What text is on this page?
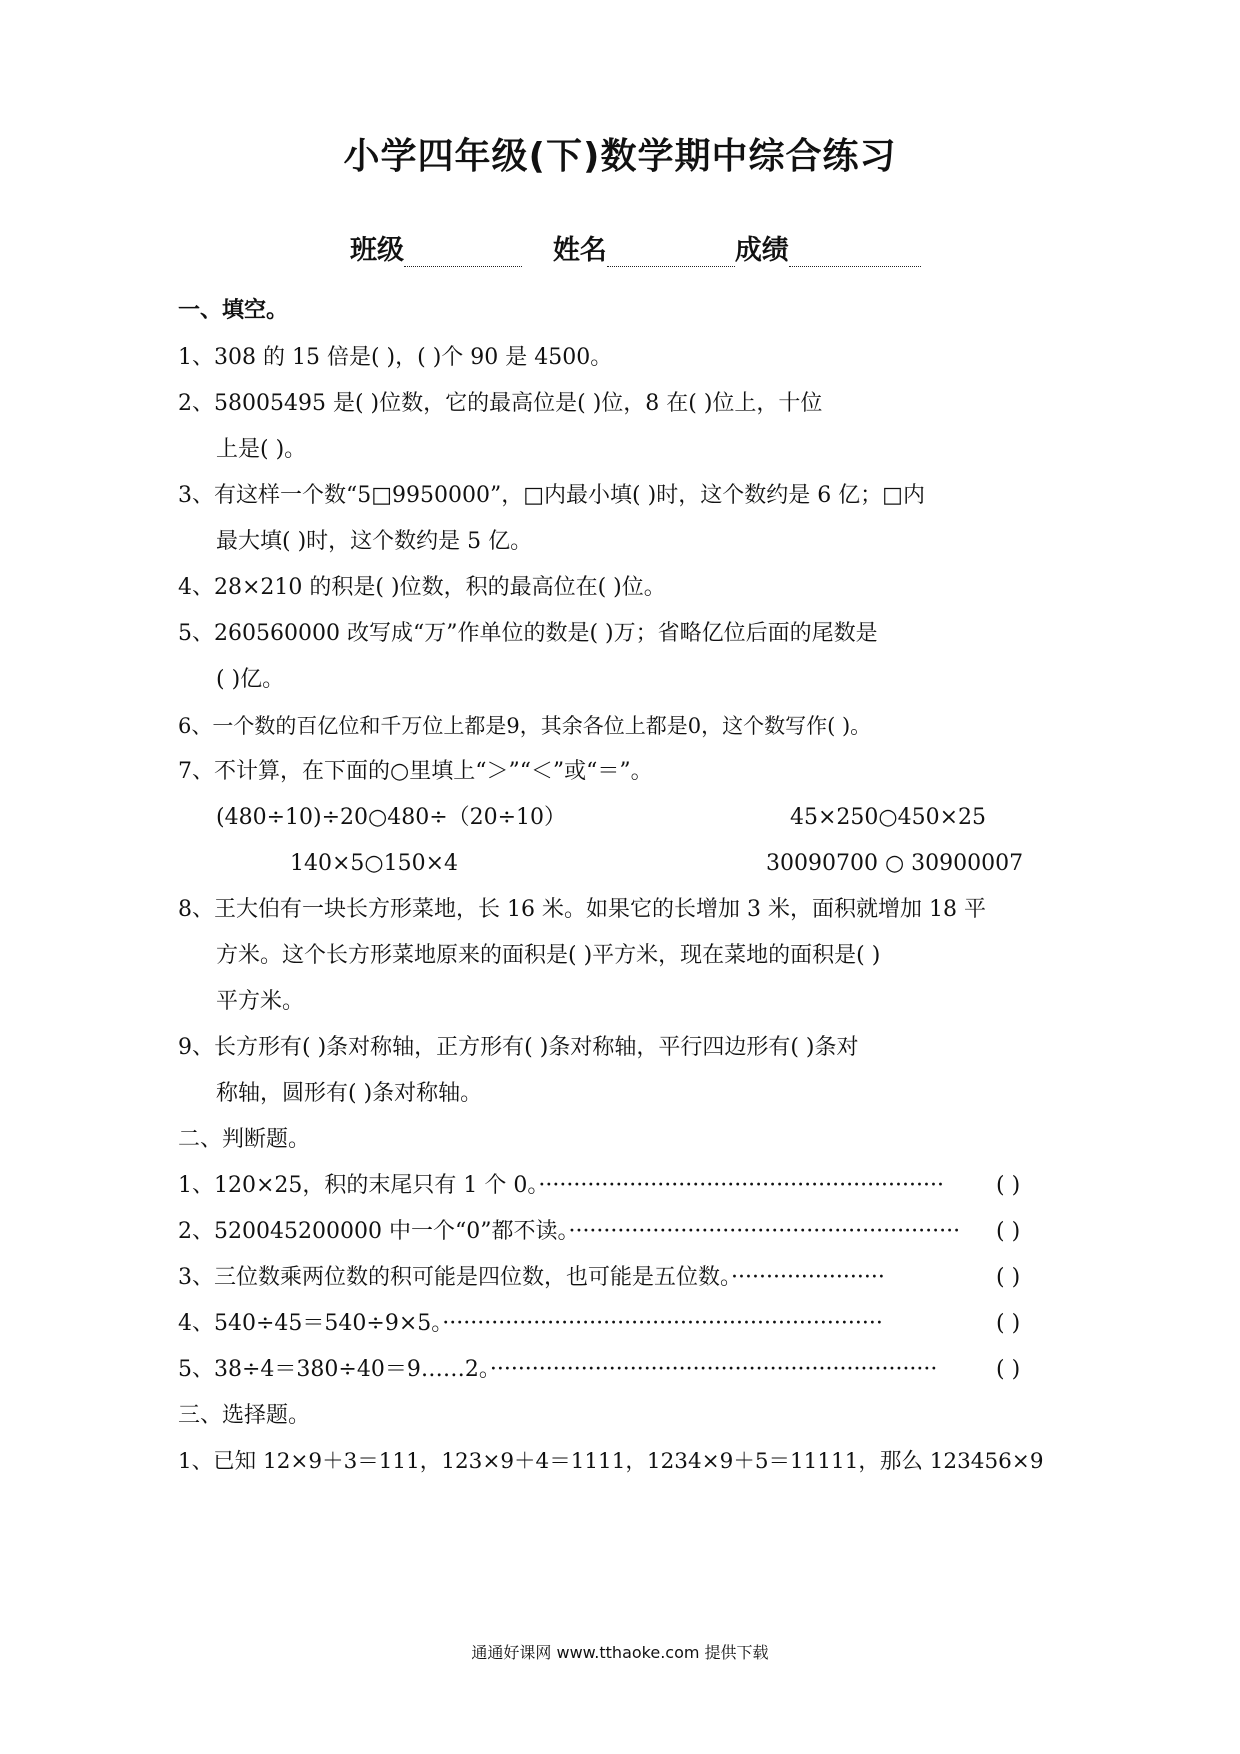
小学四年级(下)数学期中综合练习
班级	姓名	成绩
一、填空。
1、308 的 15 倍是( )，( )个 90 是 4500。
2、58005495 是( )位数，它的最高位是( )位，8 在( )位上，十位
上是( )。
3、有这样一个数“5□9950000”，□内最小填( )时，这个数约是 6 亿；□内
最大填( )时，这个数约是 5 亿。
4、28×210 的积是( )位数，积的最高位在( )位。
5、260560000 改写成“万”作单位的数是( )万；省略亿位后面的尾数是
( )亿。
6、一个数的百亿位和千万位上都是9，其余各位上都是0，这个数写作( )。
7、不计算，在下面的○里填上“＞”“＜”或“＝”。
(480÷10)÷20○480÷（20÷10）	45×250○450×25
140×5○150×4	30090700 ○ 30900007
8、王大伯有一块长方形菜地，长 16 米。如果它的长增加 3 米，面积就增加 18 平
方米。这个长方形菜地原来的面积是( )平方米，现在菜地的面积是( )
平方米。
9、长方形有( )条对称轴，正方形有( )条对称轴，平行四边形有( )条对
称轴，圆形有( )条对称轴。
二、判断题。
1、120×25，积的末尾只有 1 个 0。·························································· ( )
2、520045200000 中一个“0”都不读。························································ ( )
3、三位数乘两位数的积可能是四位数，也可能是五位数。······················	( )
4、540÷45＝540÷9×5。·······························································	( )
5、38÷4＝380÷40＝9……2。································································	( )
三、选择题。
1、已知 12×9＋3＝111，123×9＋4＝1111，1234×9＋5＝11111，那么 123456×9
通通好课网 www.tthaoke.com 提供下载
